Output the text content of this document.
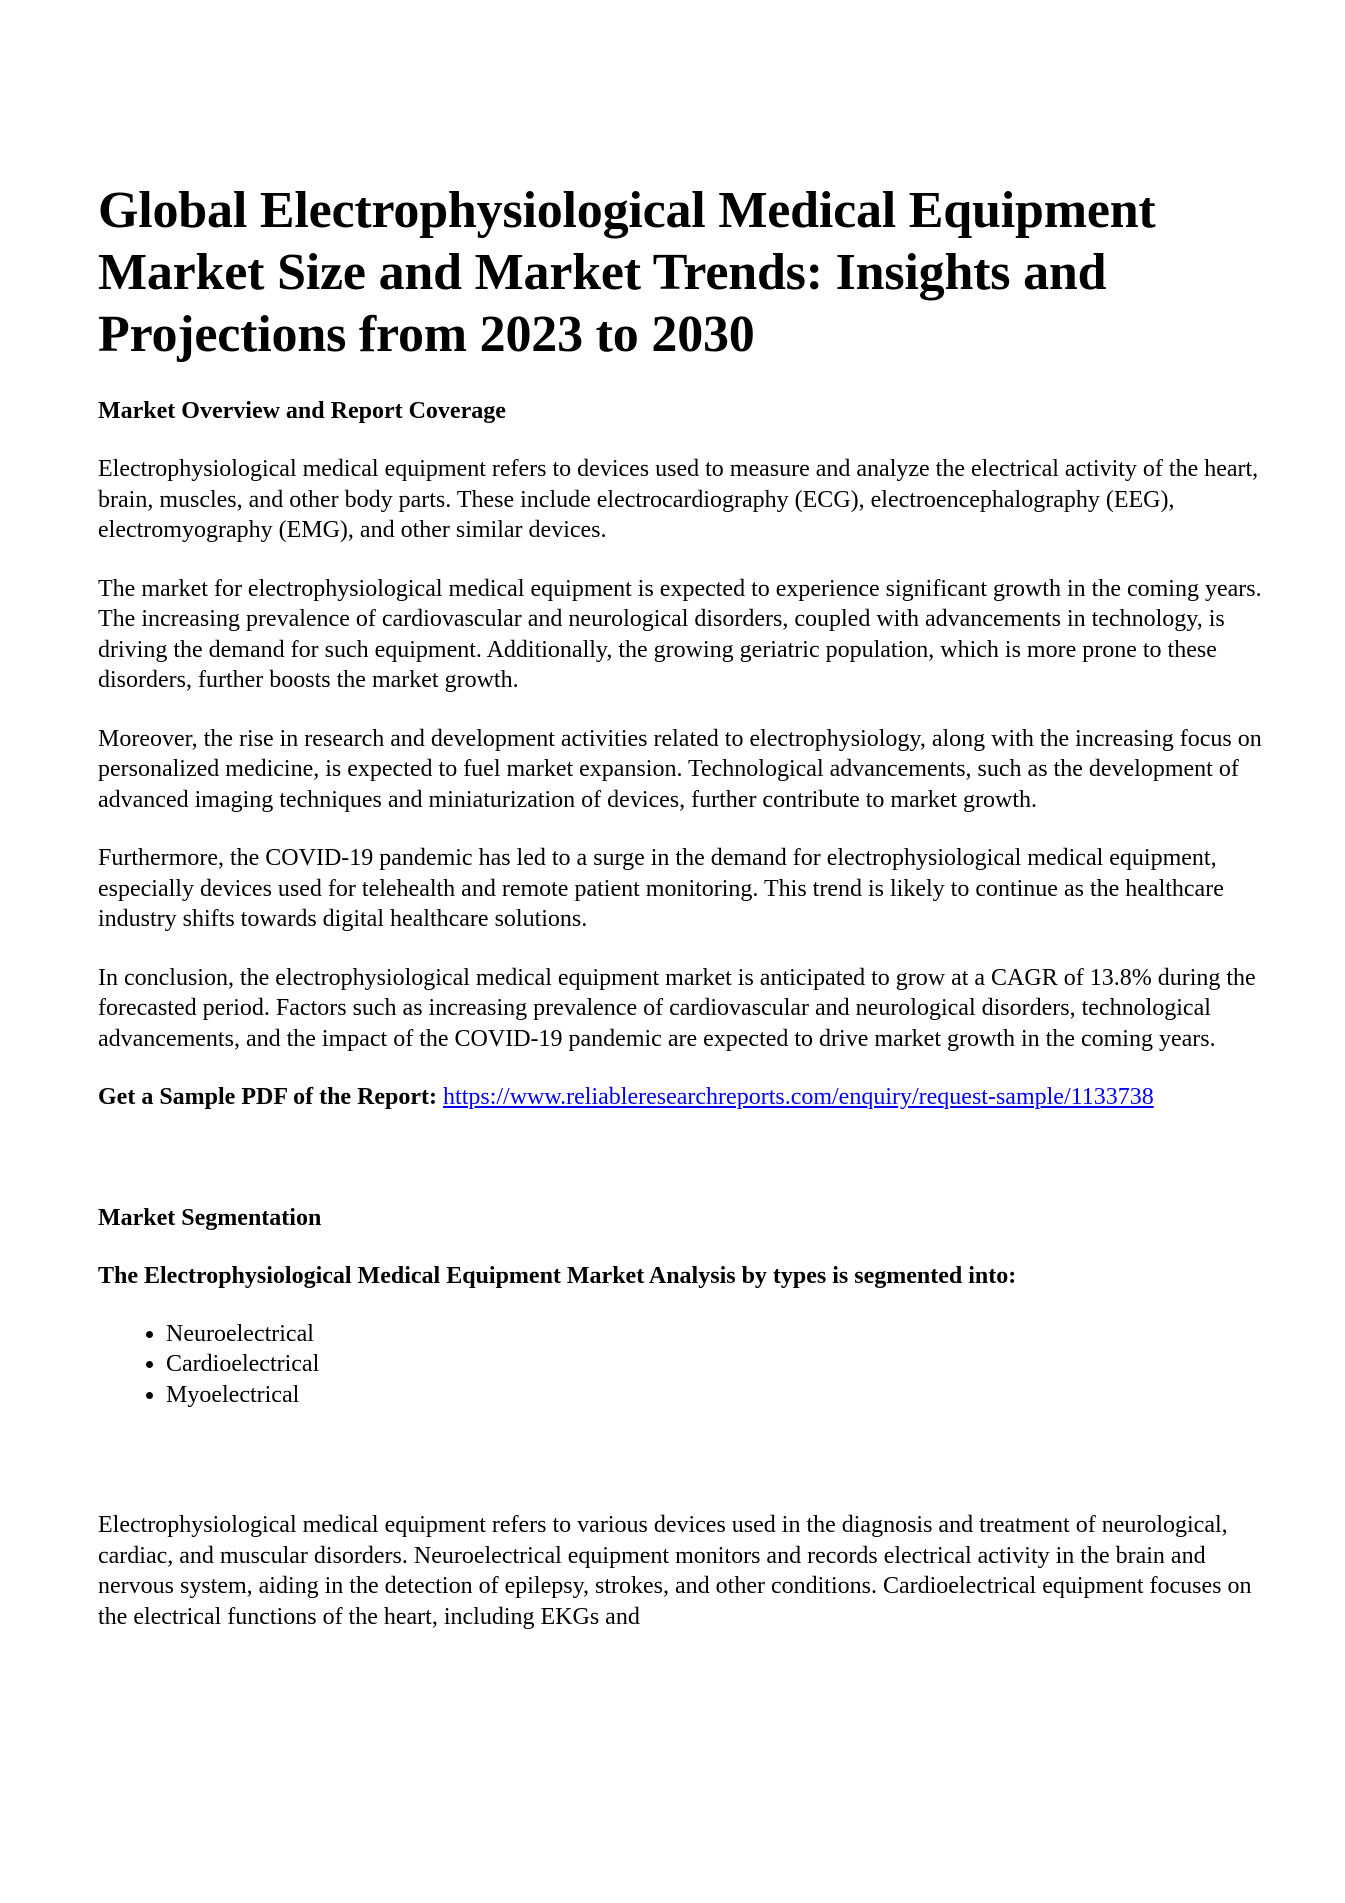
Global Electrophysiological Medical Equipment Market Size and Market Trends: Insights and Projections from 2023 to 2030
Market Overview and Report Coverage

Electrophysiological medical equipment refers to devices used to measure and analyze the electrical activity of the heart, brain, muscles, and other body parts. These include electrocardiography (ECG), electroencephalography (EEG), electromyography (EMG), and other similar devices.

The market for electrophysiological medical equipment is expected to experience significant growth in the coming years. The increasing prevalence of cardiovascular and neurological disorders, coupled with advancements in technology, is driving the demand for such equipment. Additionally, the growing geriatric population, which is more prone to these disorders, further boosts the market growth.

Moreover, the rise in research and development activities related to electrophysiology, along with the increasing focus on personalized medicine, is expected to fuel market expansion. Technological advancements, such as the development of advanced imaging techniques and miniaturization of devices, further contribute to market growth.

Furthermore, the COVID-19 pandemic has led to a surge in the demand for electrophysiological medical equipment, especially devices used for telehealth and remote patient monitoring. This trend is likely to continue as the healthcare industry shifts towards digital healthcare solutions.

In conclusion, the electrophysiological medical equipment market is anticipated to grow at a CAGR of 13.8% during the forecasted period. Factors such as increasing prevalence of cardiovascular and neurological disorders, technological advancements, and the impact of the COVID-19 pandemic are expected to drive market growth in the coming years.

Get a Sample PDF of the Report: https://www.reliableresearchreports.com/enquiry/request-sample/1133738

Market Segmentation
The Electrophysiological Medical Equipment Market Analysis by types is segmented into:
• Neuroelectrical
• Cardioelectrical
• Myoelectrical

Electrophysiological medical equipment refers to various devices used in the diagnosis and treatment of neurological, cardiac, and muscular disorders. Neuroelectrical equipment monitors and records electrical activity in the brain and nervous system, aiding in the detection of epilepsy, strokes, and other conditions. Cardioelectrical equipment focuses on the electrical functions of the heart, including EKGs and
